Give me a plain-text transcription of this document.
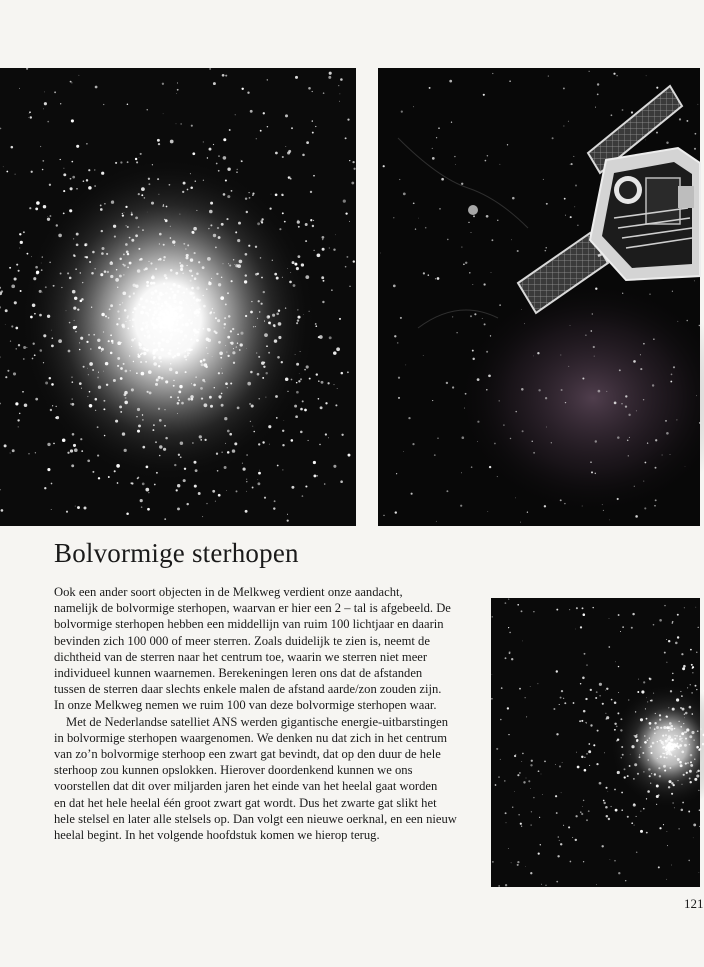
Bolvormige sterhopen
Ook een ander soort objecten in de Melkweg verdient onze aandacht,
namelijk de bolvormige sterhopen, waarvan er hier een 2 – tal is afgebeeld. De
bolvormige sterhopen hebben een middellijn van ruim 100 lichtjaar en daarin
bevinden zich 100 000 of meer sterren. Zoals duidelijk te zien is, neemt de
dichtheid van de sterren naar het centrum toe, waarin we sterren niet meer
individueel kunnen waarnemen. Berekeningen leren ons dat de afstanden
tussen de sterren daar slechts enkele malen de afstand aarde/zon zouden zijn.
In onze Melkweg nemen we ruim 100 van deze bolvormige sterhopen waar.
Met de Nederlandse satelliet ANS werden gigantische energie-uitbarstingen
in bolvormige sterhopen waargenomen. We denken nu dat zich in het centrum
van zo’n bolvormige sterhoop een zwart gat bevindt, dat op den duur de hele
sterhoop zou kunnen opslokken. Hierover doordenkend kunnen we ons
voorstellen dat dit over miljarden jaren het einde van het heelal gaat worden
en dat het hele heelal één groot zwart gat wordt. Dus het zwarte gat slikt het
hele stelsel en later alle stelsels op. Dan volgt een nieuwe oerknal, en een nieuw
heelal begint. In het volgende hoofdstuk komen we hierop terug.
121
